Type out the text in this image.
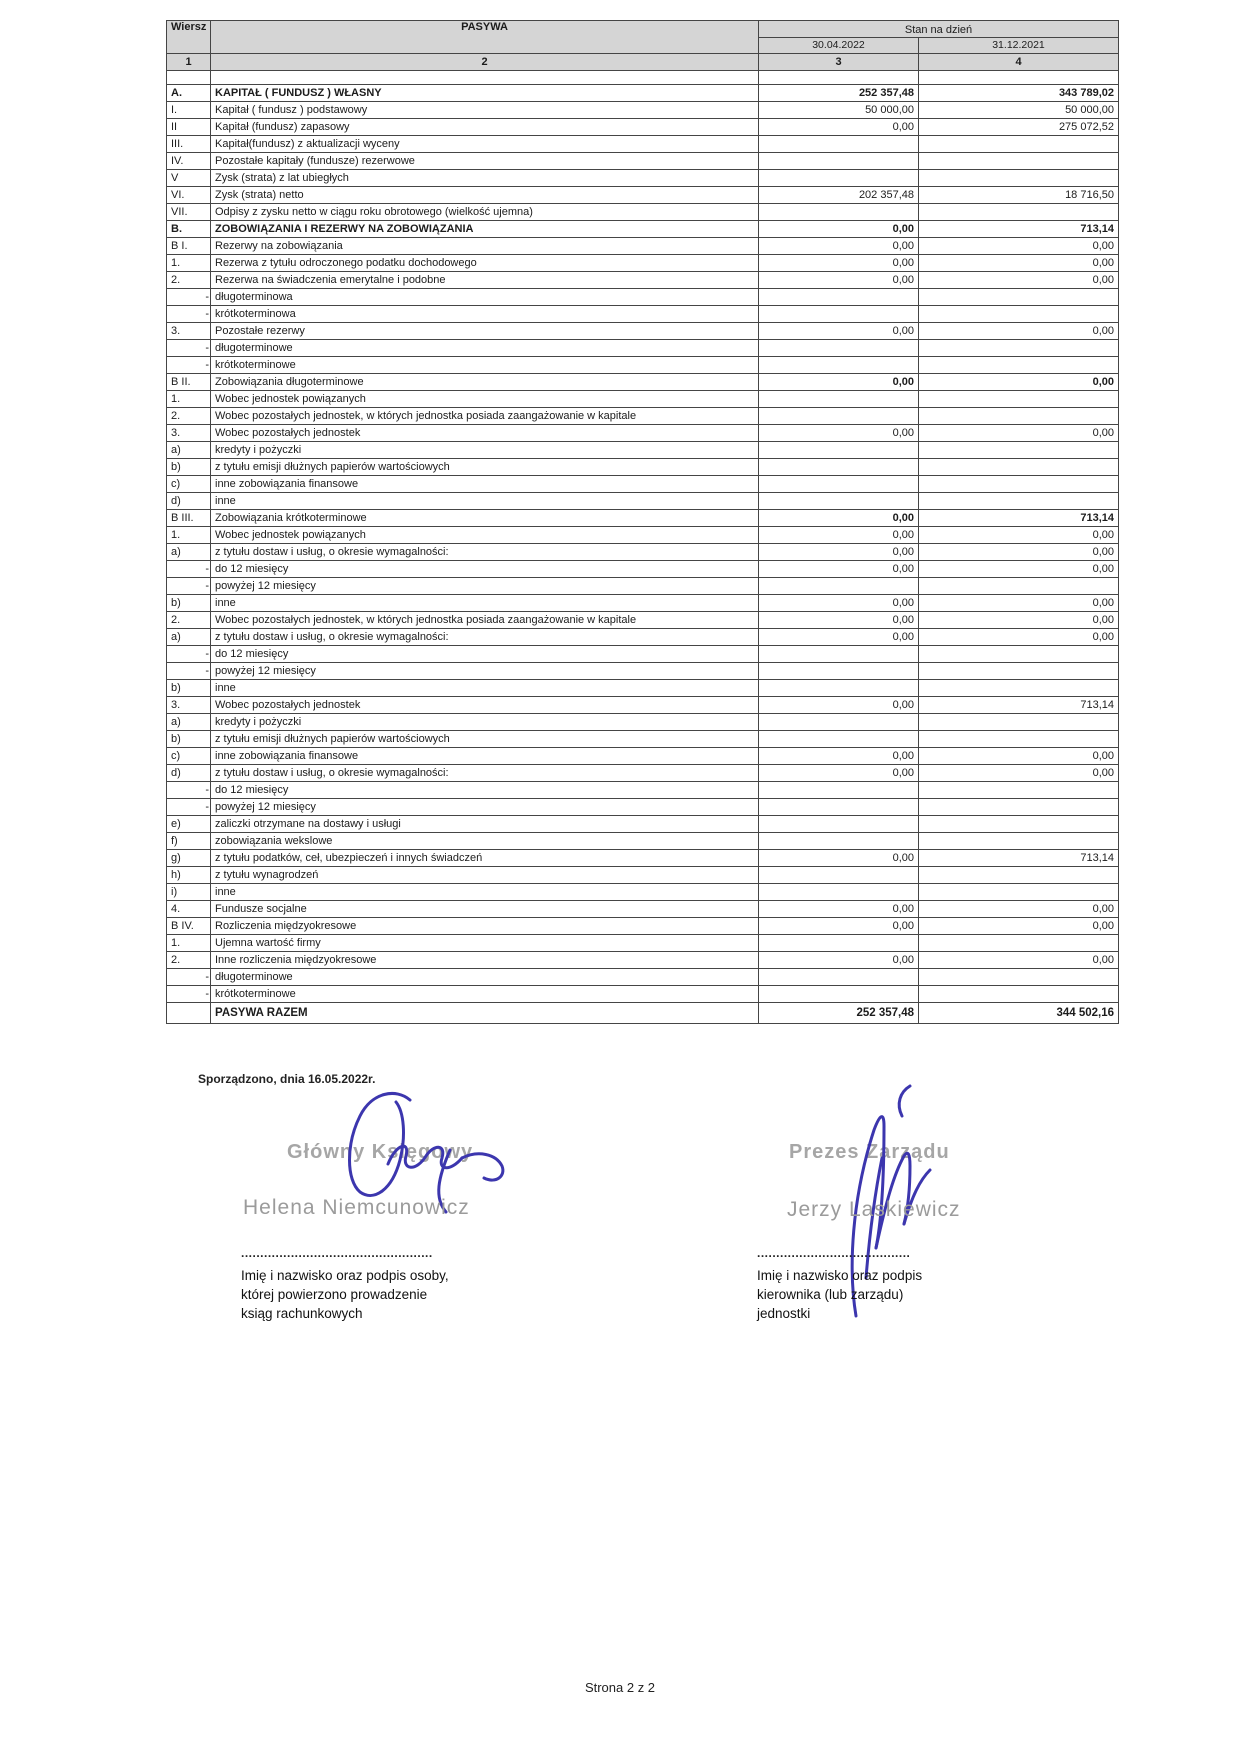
Wiersz	PASYWA	Stan na dzień	
		30.04.2022	31.12.2021
1	2	3	4

A.	KAPITAŁ ( FUNDUSZ ) WŁASNY	252 357,48	343 789,02
I.	Kapitał ( fundusz ) podstawowy	50 000,00	50 000,00
II	Kapitał (fundusz) zapasowy	0,00	275 072,52
III.	Kapitał(fundusz) z aktualizacji wyceny		
IV.	Pozostałe kapitały (fundusze) rezerwowe		
V	Zysk (strata) z lat ubiegłych		
VI.	Zysk (strata) netto	202 357,48	18 716,50
VII.	Odpisy z zysku netto w ciągu roku obrotowego (wielkość ujemna)		
B.	ZOBOWIĄZANIA I REZERWY NA ZOBOWIĄZANIA	0,00	713,14
B I.	Rezerwy na zobowiązania	0,00	0,00
1.	Rezerwa z tytułu odroczonego podatku dochodowego	0,00	0,00
2.	Rezerwa na świadczenia emerytalne i podobne	0,00	0,00
-	długoterminowa		
-	krótkoterminowa		
3.	Pozostałe rezerwy	0,00	0,00
-	długoterminowe		
-	krótkoterminowe		
B II.	Zobowiązania długoterminowe	0,00	0,00
1.	Wobec jednostek powiązanych		
2.	Wobec pozostałych jednostek, w których jednostka posiada zaangażowanie w kapitale		
3.	Wobec pozostałych jednostek	0,00	0,00
a)	kredyty i pożyczki		
b)	z tytułu emisji dłużnych papierów wartościowych		
c)	inne zobowiązania finansowe		
d)	inne		
B III.	Zobowiązania krótkoterminowe	0,00	713,14
1.	Wobec jednostek powiązanych	0,00	0,00
a)	z tytułu dostaw i usług, o okresie wymagalności:	0,00	0,00
-	do 12 miesięcy	0,00	0,00
-	powyżej 12 miesięcy		
b)	inne	0,00	0,00
2.	Wobec pozostałych jednostek, w których jednostka posiada zaangażowanie w kapitale	0,00	0,00
a)	z tytułu dostaw i usług, o okresie wymagalności:	0,00	0,00
-	do 12 miesięcy		
-	powyżej 12 miesięcy		
b)	inne		
3.	Wobec pozostałych jednostek	0,00	713,14
a)	kredyty i pożyczki		
b)	z tytułu emisji dłużnych papierów wartościowych		
c)	inne zobowiązania finansowe	0,00	0,00
d)	z tytułu dostaw i usług, o okresie wymagalności:	0,00	0,00
-	do 12 miesięcy		
-	powyżej 12 miesięcy		
e)	zaliczki otrzymane na dostawy i usługi		
f)	zobowiązania wekslowe		
g)	z tytułu podatków, ceł, ubezpieczeń i innych świadczeń	0,00	713,14
h)	z tytułu wynagrodzeń		
i)	inne		
4.	Fundusze socjalne	0,00	0,00
B IV.	Rozliczenia międzyokresowe	0,00	0,00
1.	Ujemna wartość firmy		
2.	Inne rozliczenia międzyokresowe	0,00	0,00
-	długoterminowe		
-	krótkoterminowe		
	PASYWA RAZEM	252 357,48	344 502,16
Sporządzono, dnia 16.05.2022r.
Główny Księgowy
Helena Niemcunowicz
..................................................
Imię i nazwisko oraz podpis osoby,
której powierzono prowadzenie
ksiąg rachunkowych
Prezes Zarządu
Jerzy Laskiewicz
........................................
Imię i nazwisko oraz podpis
kierownika (lub zarządu)
jednostki
Strona 2 z 2
